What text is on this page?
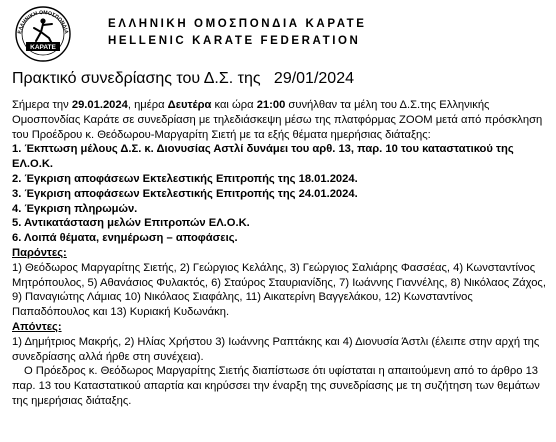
ΕΛΛΗΝΙΚΗ ΟΜΟΣΠΟΝΔΙΑ
ΚΑΡΑΤΕ
ΕΛΛΗΝΙΚΗ ΟΜΟΣΠΟΝΔΙΑ ΚΑΡΑΤΕ
HELLENIC KARATE FEDERATION
Πρακτικό συνεδρίασης του Δ.Σ. της   29/01/2024

Σήμερα την 29.01.2024, ημέρα Δευτέρα και ώρα 21:00 συνήλθαν τα μέλη του Δ.Σ.της Ελληνικής Ομοσπονδίας Καράτε σε συνεδρίαση με τηλεδιάσκεψη μέσω της πλατφόρμας ZOOM μετά από πρόσκληση του Προέδρου κ. Θεόδωρου-Μαργαρίτη Σιετή με τα εξής θέματα ημερήσιας διάταξης:

1. Έκπτωση μέλους Δ.Σ. κ. Διονυσίας Αστλί δυνάμει του αρθ. 13, παρ. 10 του καταστατικού της ΕΛ.Ο.Κ.

2. Έγκριση αποφάσεων Εκτελεστικής Επιτροπής της 18.01.2024.

3. Έγκριση αποφάσεων Εκτελεστικής Επιτροπής της 24.01.2024.

4. Έγκριση πληρωμών.

5. Αντικατάσταση μελών Επιτροπών ΕΛ.Ο.Κ.

6. Λοιπά θέματα, ενημέρωση – αποφάσεις.

Παρόντες:

1) Θεόδωρος Μαργαρίτης Σιετής, 2) Γεώργιος Κελάλης, 3) Γεώργιος Σαλιάρης Φασσέας, 4) Κωνσταντίνος Μητρόπουλος, 5) Αθανάσιος Φυλακτός, 6) Σταύρος Σταυριανίδης, 7) Ιωάννης Γιαννέλης, 8) Νικόλαος Ζάχος, 9) Παναγιώτης Λάμιας 10) Νικόλαος Σιαφάλης, 11) Αικατερίνη Βαγγελάκου, 12) Κωνσταντίνος Παπαδόπουλος και 13) Κυριακή Κυδωνάκη.

Απόντες:

1) Δημήτριος Μακρής, 2) Ηλίας Χρήστου 3) Ιωάννης Ραπτάκης και 4) Διονυσία Άστλι (έλειπε στην αρχή της συνεδρίασης αλλά ήρθε στη συνέχεια).

Ο Πρόεδρος κ. Θεόδωρος Μαργαρίτης Σιετής διαπίστωσε ότι υφίσταται η απαιτούμενη από το άρθρο 13 παρ. 13 του Καταστατικού απαρτία και κηρύσσει την έναρξη της συνεδρίασης με τη συζήτηση των θεμάτων της ημερήσιας διάταξης.
